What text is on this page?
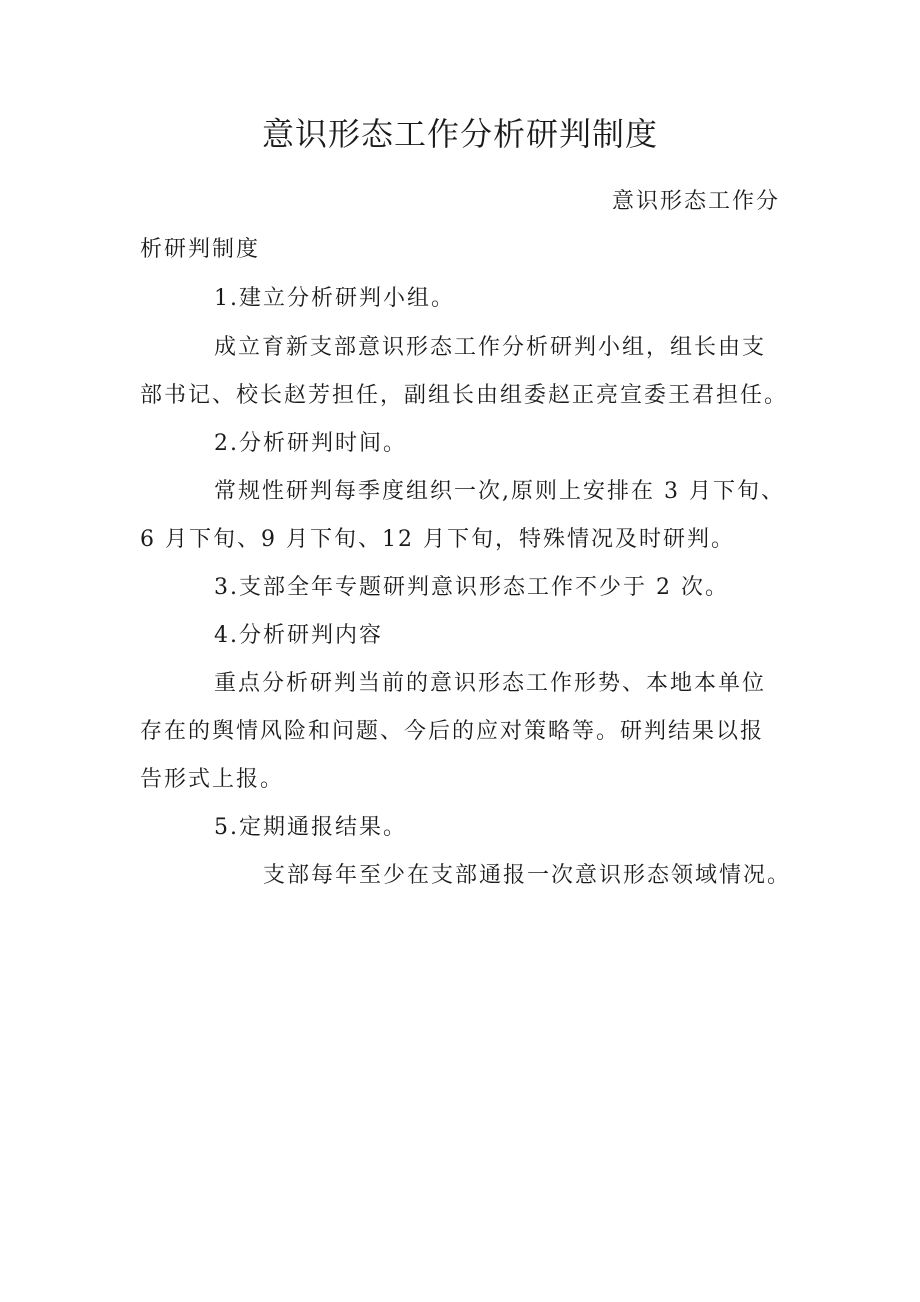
意识形态工作分析研判制度
意识形态工作分
析研判制度
1.建立分析研判小组。
成立育新支部意识形态工作分析研判小组，组长由支
部书记、校长赵芳担任，副组长由组委赵正亮宣委王君担任。
2.分析研判时间。
常规性研判每季度组织一次,原则上安排在 3 月下旬、
6 月下旬、9 月下旬、12 月下旬，特殊情况及时研判。
3.支部全年专题研判意识形态工作不少于 2 次。
4.分析研判内容
重点分析研判当前的意识形态工作形势、本地本单位
存在的舆情风险和问题、今后的应对策略等。研判结果以报
告形式上报。
5.定期通报结果。
支部每年至少在支部通报一次意识形态领域情况。
